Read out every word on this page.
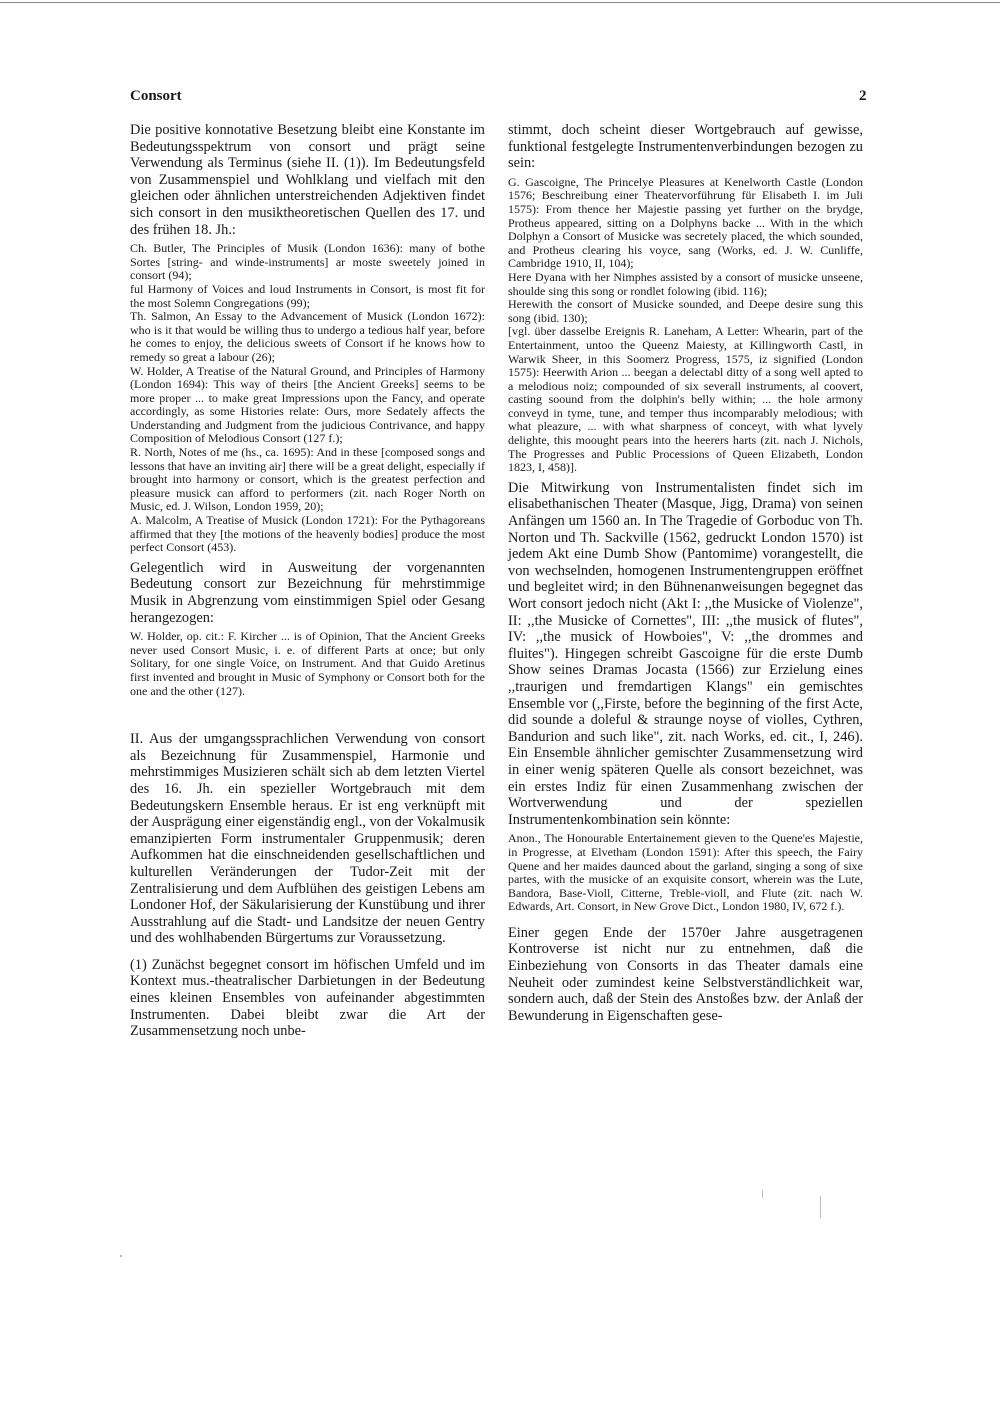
Consort	2

Die positive konnotative Besetzung bleibt eine Konstante im Bedeutungsspektrum von consort und prägt seine Verwendung als Terminus (siehe II. (1)). Im Bedeutungsfeld von Zusammenspiel und Wohlklang und vielfach mit den gleichen oder ähnlichen unterstreichenden Adjektiven findet sich consort in den musiktheoretischen Quellen des 17. und des frühen 18. Jh.:

Ch. Butler, The Principles of Musik (London 1636): many of bothe Sortes [string- and winde-instruments] ar moste sweetely joined in consort (94);

ful Harmony of Voices and loud Instruments in Consort, is most fit for the most Solemn Congregations (99);

Th. Salmon, An Essay to the Advancement of Musick (London 1672): who is it that would be willing thus to undergo a tedious half year, before he comes to enjoy, the delicious sweets of Consort if he knows how to remedy so great a labour (26);

W. Holder, A Treatise of the Natural Ground, and Principles of Harmony (London 1694): This way of theirs [the Ancient Greeks] seems to be more proper ... to make great Impressions upon the Fancy, and operate accordingly, as some Histories relate: Ours, more Sedately affects the Understanding and Judgment from the judicious Contrivance, and happy Composition of Melodious Consort (127 f.);

R. North, Notes of me (hs., ca. 1695): And in these [composed songs and lessons that have an inviting air] there will be a great delight, especially if brought into harmony or consort, which is the greatest perfection and pleasure musick can afford to performers (zit. nach Roger North on Music, ed. J. Wilson, London 1959, 20);

A. Malcolm, A Treatise of Musick (London 1721): For the Pythagoreans affirmed that they [the motions of the heavenly bodies] produce the most perfect Consort (453).

Gelegentlich wird in Ausweitung der vorgenannten Bedeutung consort zur Bezeichnung für mehrstimmige Musik in Abgrenzung vom einstimmigen Spiel oder Gesang herangezogen:

W. Holder, op. cit.: F. Kircher ... is of Opinion, That the Ancient Greeks never used Consort Music, i. e. of different Parts at once; but only Solitary, for one single Voice, on Instrument. And that Guido Aretinus first invented and brought in Music of Symphony or Consort both for the one and the other (127).

II. Aus der umgangssprachlichen Verwendung von consort als Bezeichnung für Zusammenspiel, Harmonie und mehrstimmiges Musizieren schält sich ab dem letzten Viertel des 16. Jh. ein spezieller Wortgebrauch mit dem Bedeutungskern Ensemble heraus. Er ist eng verknüpft mit der Ausprägung einer eigenständig engl., von der Vokalmusik emanzipierten Form instrumentaler Gruppenmusik; deren Aufkommen hat die einschneidenden gesellschaftlichen und kulturellen Veränderungen der Tudor-Zeit mit der Zentralisierung und dem Aufblühen des geistigen Lebens am Londoner Hof, der Säkularisierung der Kunstübung und ihrer Ausstrahlung auf die Stadt- und Landsitze der neuen Gentry und des wohlhabenden Bürgertums zur Voraussetzung.

(1) Zunächst begegnet consort im höfischen Umfeld und im Kontext mus.-theatralischer Darbietungen in der Bedeutung eines kleinen Ensembles von aufeinander abgestimmten Instrumenten. Dabei bleibt zwar die Art der Zusammensetzung noch unbe-

stimmt, doch scheint dieser Wortgebrauch auf gewisse, funktional festgelegte Instrumentenverbindungen bezogen zu sein:

G. Gascoigne, The Princelye Pleasures at Kenelworth Castle (London 1576; Beschreibung einer Theatervorführung für Elisabeth I. im Juli 1575): From thence her Majestie passing yet further on the brydge, Protheus appeared, sitting on a Dolphyns backe ... With in the which Dolphyn a Consort of Musicke was secretely placed, the which sounded, and Protheus clearing his voyce, sang (Works, ed. J. W. Cunliffe, Cambridge 1910, II, 104);

Here Dyana with her Nimphes assisted by a consort of musicke unseene, shoulde sing this song or rondlet folowing (ibid. 116);

Herewith the consort of Musicke sounded, and Deepe desire sung this song (ibid. 130);

[vgl. über dasselbe Ereignis R. Laneham, A Letter: Whearin, part of the Entertainment, untoo the Queenz Maiesty, at Killingworth Castl, in Warwik Sheer, in this Soomerz Progress, 1575, iz signified (London 1575): Heerwith Arion ... beegan a delectabl ditty of a song well apted to a melodious noiz; compounded of six severall instruments, al coovert, casting soound from the dolphin's belly within; ... the hole armony conveyd in tyme, tune, and temper thus incomparably melodious; with what pleazure, ... with what sharpness of conceyt, with what lyvely delighte, this moought pears into the heerers harts (zit. nach J. Nichols, The Progresses and Public Processions of Queen Elizabeth, London 1823, I, 458)].

Die Mitwirkung von Instrumentalisten findet sich im elisabethanischen Theater (Masque, Jigg, Drama) von seinen Anfängen um 1560 an. In The Tragedie of Gorboduc von Th. Norton und Th. Sackville (1562, gedruckt London 1570) ist jedem Akt eine Dumb Show (Pantomime) vorangestellt, die von wechselnden, homogenen Instrumentengruppen eröffnet und begleitet wird; in den Bühnenanweisungen begegnet das Wort consort jedoch nicht (Akt I: ,,the Musicke of Violenze", II: ,,the Musicke of Cornettes", III: ,,the musick of flutes", IV: ,,the musick of Howboies", V: ,,the drommes and fluites"). Hingegen schreibt Gascoigne für die erste Dumb Show seines Dramas Jocasta (1566) zur Erzielung eines ,,traurigen und fremdartigen Klangs" ein gemischtes Ensemble vor (,,Firste, before the beginning of the first Acte, did sounde a doleful & straunge noyse of violles, Cythren, Bandurion and such like", zit. nach Works, ed. cit., I, 246). Ein Ensemble ähnlicher gemischter Zusammensetzung wird in einer wenig späteren Quelle als consort bezeichnet, was ein erstes Indiz für einen Zusammenhang zwischen der Wortverwendung und der speziellen Instrumentenkombination sein könnte:

Anon., The Honourable Entertainement gieven to the Quene'es Majestie, in Progresse, at Elvetham (London 1591): After this speech, the Fairy Quene and her maides daunced about the garland, singing a song of sixe partes, with the musicke of an exquisite consort, wherein was the Lute, Bandora, Base-Violl, Citterne, Treble-violl, and Flute (zit. nach W. Edwards, Art. Consort, in New Grove Dict., London 1980, IV, 672 f.).

Einer gegen Ende der 1570er Jahre ausgetragenen Kontroverse ist nicht nur zu entnehmen, daß die Einbeziehung von Consorts in das Theater damals eine Neuheit oder zumindest keine Selbstverständlichkeit war, sondern auch, daß der Stein des Anstoßes bzw. der Anlaß der Bewunderung in Eigenschaften gese-
